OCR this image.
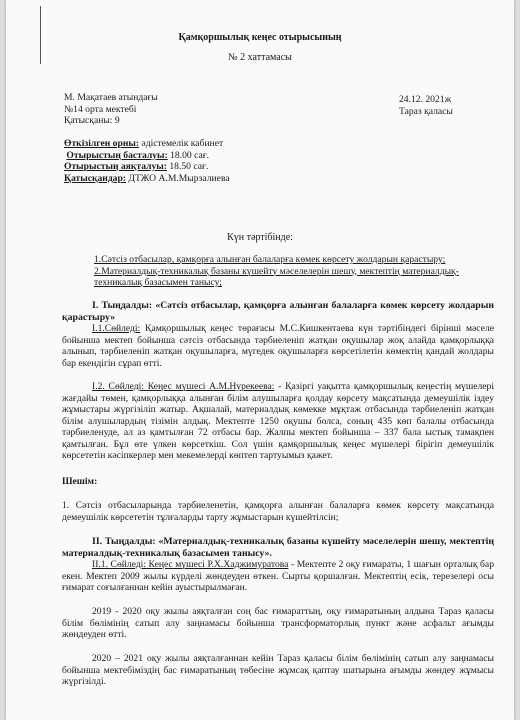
Қамқоршылық кеңес отырысының
№ 2 хаттамасы
М. Мақатаев атындағы
№14 орта мектебі
Қатысқаны: 9
24.12. 2021ж
Тараз қаласы
Өткізілген орны: әдістемелік кабинет
Отырыстың басталуы: 18.00 сағ.
Отырыстың аяқталуы: 18.50 сағ.
Қатысқандар: ДТЖО А.М.Мырзалиева
Күн тәртібінде:
1.Сәтсіз отбасылар, қамқорға алынған балаларға көмек көрсету жолдарын қарастыру;
2.Материалдық-техникалық базаны күшейту мәселелерін шешу, мектептің материалдық-
техникалық базасымен танысу;
I. Тыңдалды: «Сәтсіз отбасылар, қамқорға алынған балаларға көмек көрсету жолдарын қарастыру»
I.1.Сөйледі: Қамқоршылық кеңес төрағасы М.С.Кишкентаева күн тәртібіндегі бірінші мәселе бойынша мектеп бойынша сәтсіз отбасында тәрбиеленіп жатқан оқушылар жоқ алайда қамқорлыққа алынып, тәрбиеленіп жатқан оқушыларға, мүгедек оқушыларға көрсетілетін көмектің қандай жолдары бар екендігін сұрап өтті.
I.2. Сөйледі: Кеңес мүшесі А.М.Нурекеева: - Қазіргі уақытта қамқоршылық кеңестің мүшелері жағдайы төмен, қамқорлыққа алынған білім алушыларға қолдау көрсету мақсатында демеушілік іздеу жұмыстары жүргізіліп жатыр. Ақшалай, материалдық көмекке мұқтаж отбасында тәрбиеленіп жатқан білім алушылардың тізімін алдық. Мектепте 1250 оқушы болса, соның 435 көп балалы отбасында тәрбиеленуде, ал аз қамтылған 72 отбасы бар. Жалпы мектеп бойынша – 337 бала ыстық тамақпен қамтылған. Бұл өте үлкен көрсеткіш. Сол үшін қамқоршылық кеңес мүшелері бірігіп демеушілік көрсететін кәсіпкерлер мен мекемелерді көптеп тартуымыз қажет.
Шешім:
1. Сәтсіз отбасыларында тәрбиеленетін, қамқорға алынған балаларға көмек көрсету мақсатында демеушілік көрсететін тұлғаларды тарту жұмыстарын күшейтілсін;
II. Тыңдалды: «Материалдық-техникалық базаны күшейту мәселелерін шешу, мектептің материалдық-техникалық базасымен танысу».
II.1. Сөйледі: Кеңес мүшесі Р.Х.Хаджимуратова - Мектепте 2 оқу ғимараты, 1 шағын орталық бар екен. Мектеп 2009 жылы күрделі жөндеуден өткен. Сырты қоршалған. Мектептің есік, терезелері осы ғимарат соғылғаннан кейін ауыстырылмаған.
2019 - 2020 оқу жылы аяқталған соң бас ғимараттың, оқу ғимаратының алдына Тараз қаласы білім бөлімінің сатып алу заңнамасы бойынша трансформаторлық пункт және асфальт ағымды жөндеуден өтті.
2020 – 2021 оқу жылы аяқталғаннан кейін Тараз қаласы білім бөлімінің сатып алу заңнамасы бойынша мектебіміздің бас ғимаратының төбесіне жұмсақ қаптау шатырына ағымды жөндеу жұмысы жүргізілді.
